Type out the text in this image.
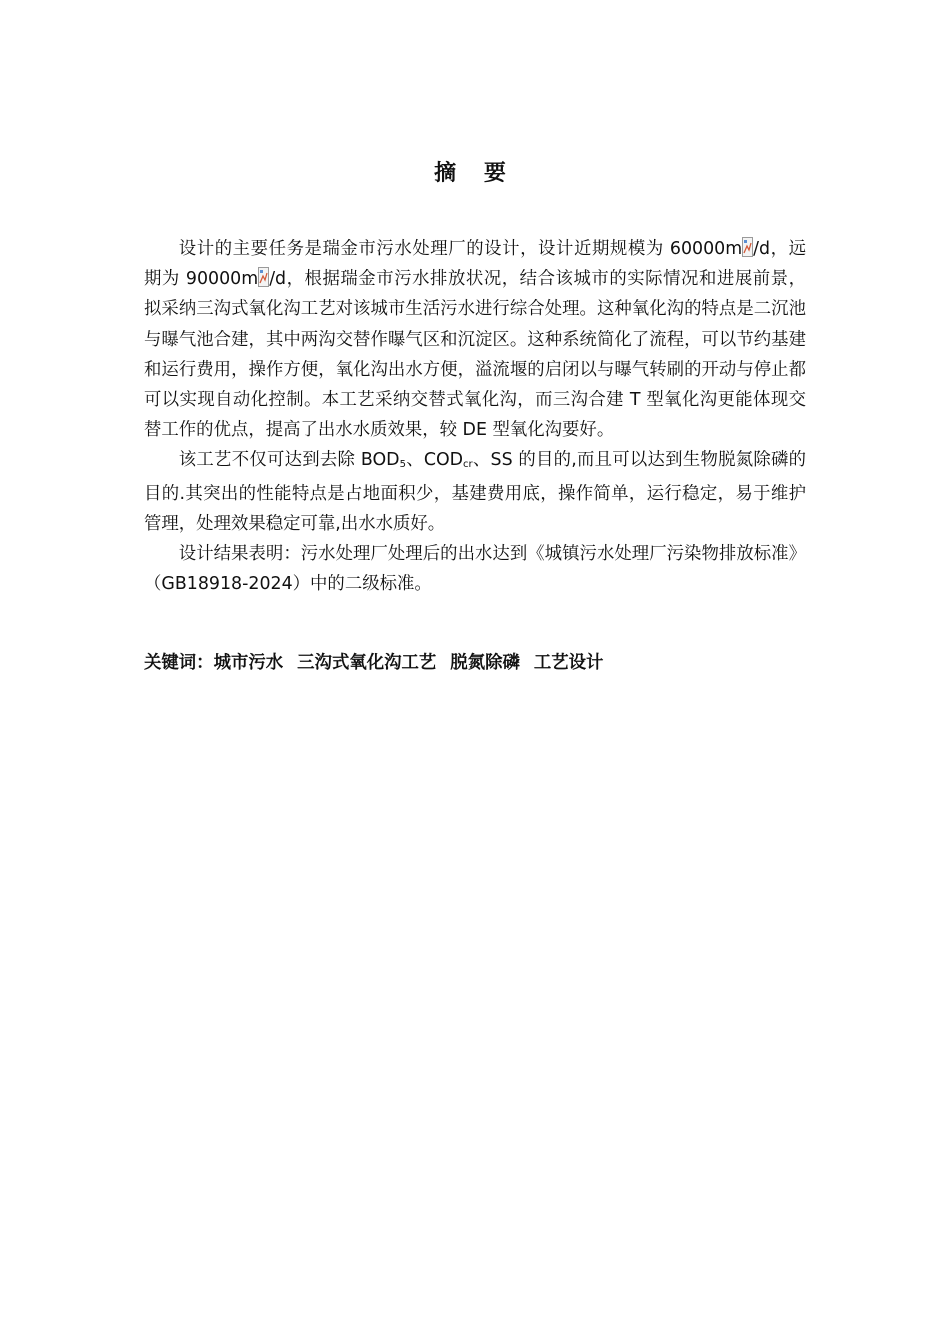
摘 要

设计的主要任务是瑞金市污水处理厂的设计，设计近期规模为 60000m /d，远期为 90000m /d，根据瑞金市污水排放状况，结合该城市的实际情况和进展前景，拟采纳三沟式氧化沟工艺对该城市生活污水进行综合处理。这种氧化沟的特点是二沉池与曝气池合建，其中两沟交替作曝气区和沉淀区。这种系统简化了流程，可以节约基建和运行费用，操作方便，氧化沟出水方便，溢流堰的启闭以与曝气转刷的开动与停止都可以实现自动化控制。本工艺采纳交替式氧化沟，而三沟合建 T 型氧化沟更能体现交替工作的优点，提高了出水水质效果，较 DE 型氧化沟要好。

该工艺不仅可达到去除 $BOD_5$、$COD_{cr}$、SS 的目的,而且可以达到生物脱氮除磷的目的.其突出的性能特点是占地面积少，基建费用底，操作简单，运行稳定，易于维护管理，处理效果稳定可靠,出水水质好。

设计结果表明：污水处理厂处理后的出水达到《城镇污水处理厂污染物排放标准》（GB18918-2024）中的二级标准。

关键词：城市污水 三沟式氧化沟工艺 脱氮除磷 工艺设计
